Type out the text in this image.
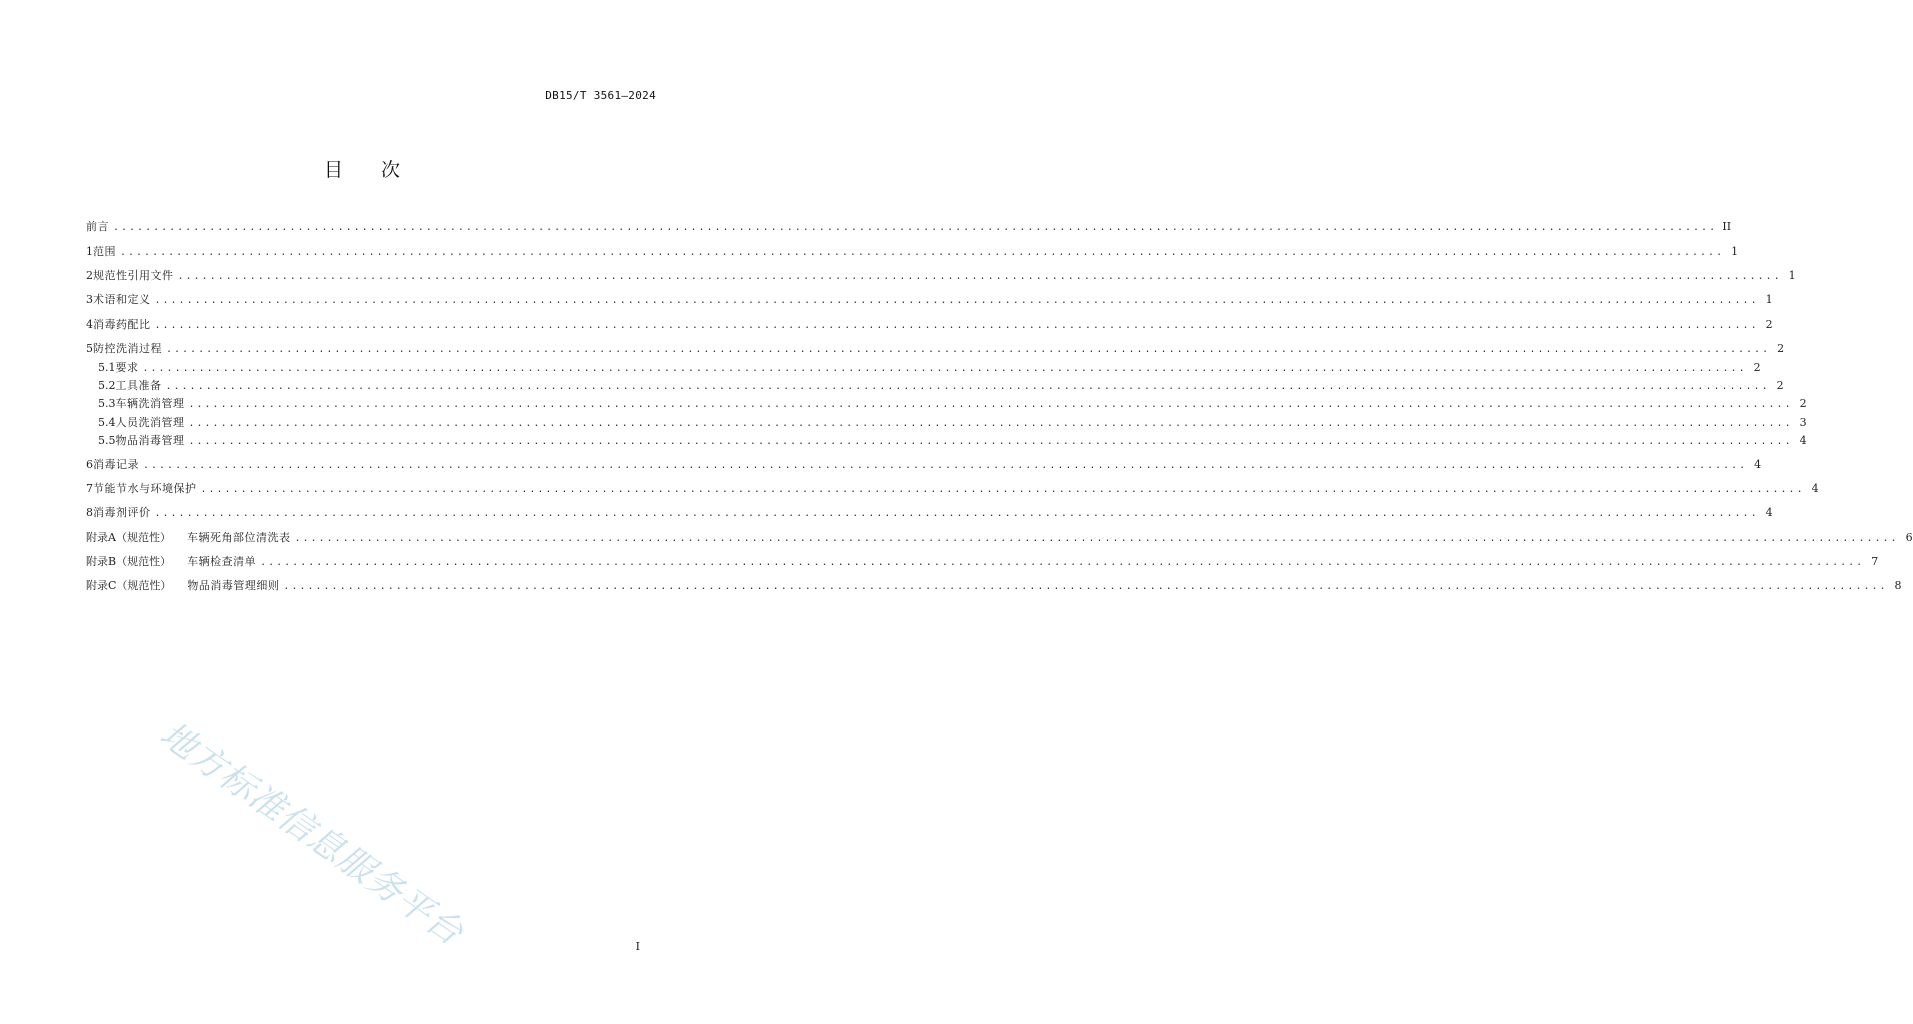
DB15/T 3561—2024
目 次
前言 ........................................................................................................................................................................................................ II
1 范围 ........................................................................................................................................................................................................ 1
2 规范性引用文件 ........................................................................................................................................................................................................ 1
3 术语和定义 ........................................................................................................................................................................................................ 1
4 消毒药配比 ........................................................................................................................................................................................................ 2
5 防控洗消过程 ........................................................................................................................................................................................................ 2
5.1 要求 ........................................................................................................................................................................................................ 2
5.2 工具准备 ........................................................................................................................................................................................................ 2
5.3 车辆洗消管理 ........................................................................................................................................................................................................ 2
5.4 人员洗消管理 ........................................................................................................................................................................................................ 3
5.5 物品消毒管理 ........................................................................................................................................................................................................ 4
6 消毒记录 ........................................................................................................................................................................................................ 4
7 节能节水与环境保护 ........................................................................................................................................................................................................ 4
8 消毒剂评价 ........................................................................................................................................................................................................ 4
附录A（规范性） 车辆死角部位清洗表 ........................................................................................................................................................................................................ 6
附录B（规范性） 车辆检查清单 ........................................................................................................................................................................................................ 7
附录C（规范性） 物品消毒管理细则 ........................................................................................................................................................................................................ 8
地方标准信息服务平台	I
